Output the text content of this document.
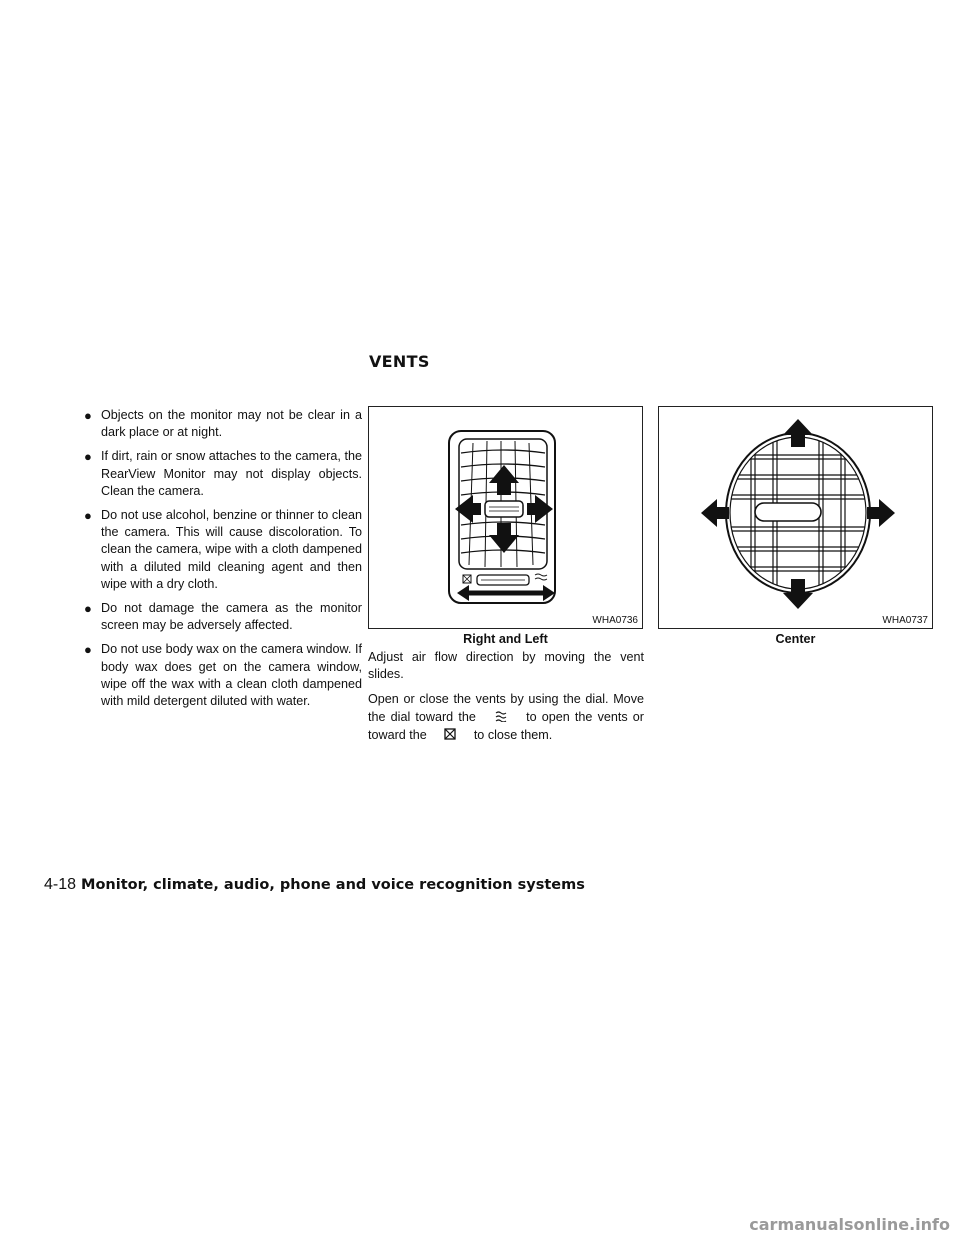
VENTS

● Objects on the monitor may not be clear in a dark place or at night.

● If dirt, rain or snow attaches to the camera, the RearView Monitor may not display objects. Clean the camera.

● Do not use alcohol, benzine or thinner to clean the camera. This will cause discoloration. To clean the camera, wipe with a cloth dampened with a diluted mild cleaning agent and then wipe with a dry cloth.

● Do not damage the camera as the monitor screen may be adversely affected.

● Do not use body wax on the camera window. If body wax does get on the camera window, wipe off the wax with a clean cloth dampened with mild detergent diluted with water.

WHA0736
Right and Left
WHA0737
Center

Adjust air flow direction by moving the vent slides.

Open or close the vents by using the dial. Move the dial toward the	to open the vents or toward the	to close them.

4-18 Monitor, climate, audio, phone and voice recognition systems
carmanualsonline.info
